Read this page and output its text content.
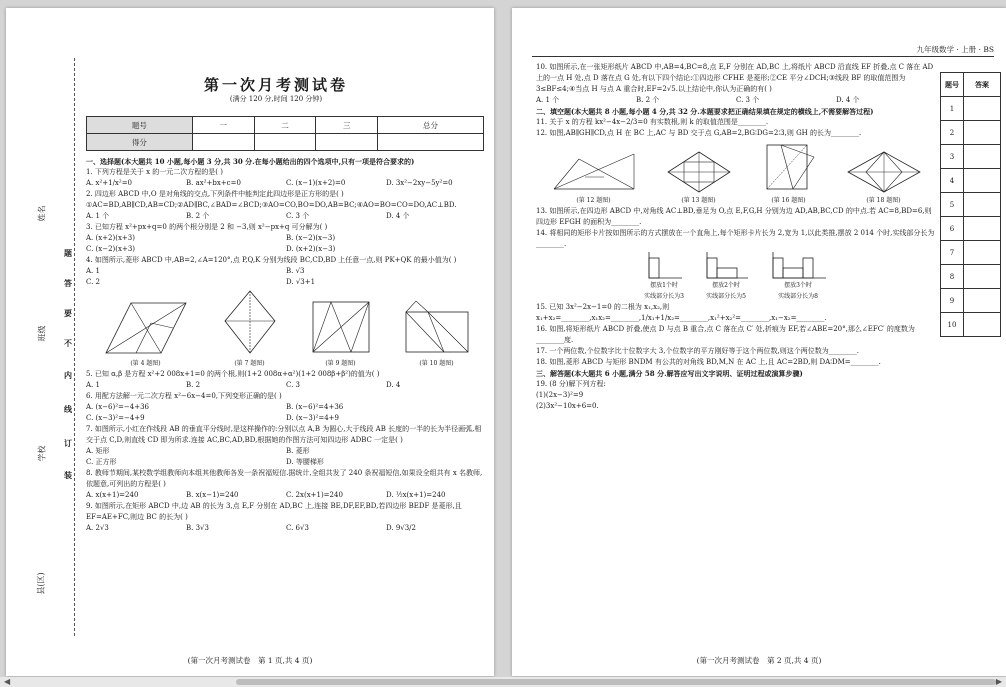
姓名
班级
学校
县(区)
题
答
要
不
内
线
订
装
第一次月考测试卷
(满分 120 分,时间 120 分钟)
题号	一	二	三	总分
得分				

一、选择题(本大题共 10 小题,每小题 3 分,共 30 分.在每小题给出的四个选项中,只有一项是符合要求的)

1. 下列方程是关于 x 的一元二次方程的是( )

A. x²+1/x²=0	B. ax²+bx+c=0	C. (x−1)(x+2)=0	D. 3x²−2xy−5y²=0

2. 四边形 ABCD 中,O 是对角线的交点,下列条件中能判定此四边形是正方形的是( )

①AC=BD,AB∥CD,AB=CD;②AD∥BC,∠BAD=∠BCD;③AO=CO,BO=DO,AB=BC;④AO=BO=CO=DO,AC⊥BD.

A. 1 个	B. 2 个	C. 3 个	D. 4 个

3. 已知方程 x²+px+q=0 的两个根分别是 2 和 −3,则 x²−px+q 可分解为( )

A. (x+2)(x+3)	B. (x−2)(x−3)
C. (x−2)(x+3)	D. (x+2)(x−3)

4. 如图所示,菱形 ABCD 中,AB=2,∠A=120°,点 P,Q,K 分别为线段 BC,CD,BD 上任意一点,则 PK+QK 的最小值为( )

A. 1	B. √3
C. 2	D. √3+1
(第 4 题图)	(第 7 题图)	(第 9 题图)	(第 10 题图)

5. 已知 α,β 是方程 x²+2 008x+1=0 的两个根,则(1+2 008α+α²)(1+2 008β+β²)的值为( )

A. 1	B. 2	C. 3	D. 4

6. 用配方法解一元二次方程 x²−6x−4=0,下列变形正确的是( )

A. (x−6)²=−4+36	B. (x−6)²=4+36
C. (x−3)²=−4+9	D. (x−3)²=4+9

7. 如图所示,小红在作线段 AB 的垂直平分线时,是这样操作的:分别以点 A,B 为圆心,大于线段 AB 长度的一半的长为半径画弧,相交于点 C,D,则直线 CD 即为所求.连接 AC,BC,AD,BD,根据她的作图方法可知四边形 ADBC 一定是( )

A. 矩形	B. 菱形
C. 正方形	D. 等腰梯形

8. 教师节期间,某校数学组教师向本组其他教师各发一条祝福短信.据统计,全组共发了 240 条祝福短信,如果设全组共有 x 名教师,依题意,可列出的方程是( )

A. x(x+1)=240	B. x(x−1)=240	C. 2x(x+1)=240	D. ½x(x+1)=240

9. 如图所示,在矩形 ABCD 中,边 AB 的长为 3,点 E,F 分别在 AD,BC 上,连接 BE,DF,EF,BD,若四边形 BEDF 是菱形,且 EF=AE+FC,则边 BC 的长为( )

A. 2√3	B. 3√3	C. 6√3	D. 9√3/2
(第一次月考测试卷　第 1 页,共 4 页)
九年级数学 · 上册 · BS
题号	答案
1	
2	
3	
4	
5	
6	
7	
8	
9	
10	

10. 如图所示,在一张矩形纸片 ABCD 中,AB=4,BC=8,点 E,F 分别在 AD,BC 上,将纸片 ABCD 沿直线 EF 折叠,点 C 落在 AD 上的一点 H 处,点 D 落在点 G 处,有以下四个结论:①四边形 CFHE 是菱形;②CE 平分∠DCH;③线段 BF 的取值范围为 3≤BF≤4;④当点 H 与点 A 重合时,EF=2√5.以上结论中,你认为正确的有( )

A. 1 个	B. 2 个	C. 3 个	D. 4 个

二、填空题(本大题共 8 小题,每小题 4 分,共 32 分.本题要求把正确结果填在规定的横线上,不需要解答过程)

11. 关于 x 的方程 kx²−4x−2/3=0 有实数根,则 k 的取值范围是________.

12. 如图,AB∥GH∥CD,点 H 在 BC 上,AC 与 BD 交于点 G,AB=2,BG∶DG=2∶3,则 GH 的长为________.

(第 12 题图)	(第 13 题图)	(第 16 题图)	(第 18 题图)

13. 如图所示,在四边形 ABCD 中,对角线 AC⊥BD,垂足为 O,点 E,F,G,H 分别为边 AD,AB,BC,CD 的中点.若 AC=8,BD=6,则四边形 EFGH 的面积为________.

14. 将相同的矩形卡片按如图所示的方式摆放在一个直角上,每个矩形卡片长为 2,宽为 1,以此类推,摆放 2 014 个时,实线部分长为________.

摆放1个时
实线部分长为3
摆放2个时
实线部分长为5
摆放3个时
实线部分长为8

15. 已知 3x²−2x−1=0 的二根为 x₁,x₂,则 x₁+x₂=________,x₁x₂=________,1/x₁+1/x₂=________,x₁²+x₂²=________,x₁−x₂=________.

16. 如图,将矩形纸片 ABCD 折叠,使点 D 与点 B 重合,点 C 落在点 C′ 处,折痕为 EF,若∠ABE=20°,那么∠EFC′ 的度数为________度.

17. 一个两位数,个位数字比十位数字大 3,个位数字的平方刚好等于这个两位数,则这个两位数为________.

18. 如图,菱形 ABCD 与矩形 BNDM 有公共的对角线 BD,M,N 在 AC 上,且 AC=2BD,则 DA∶DM=________.

三、解答题(本大题共 6 小题,满分 58 分.解答应写出文字说明、证明过程或演算步骤)

19. (8 分)解下列方程:

(1)(2x−3)²=9

(2)3x²−10x+6=0.

(第一次月考测试卷　第 2 页,共 4 页)
◀	▶
